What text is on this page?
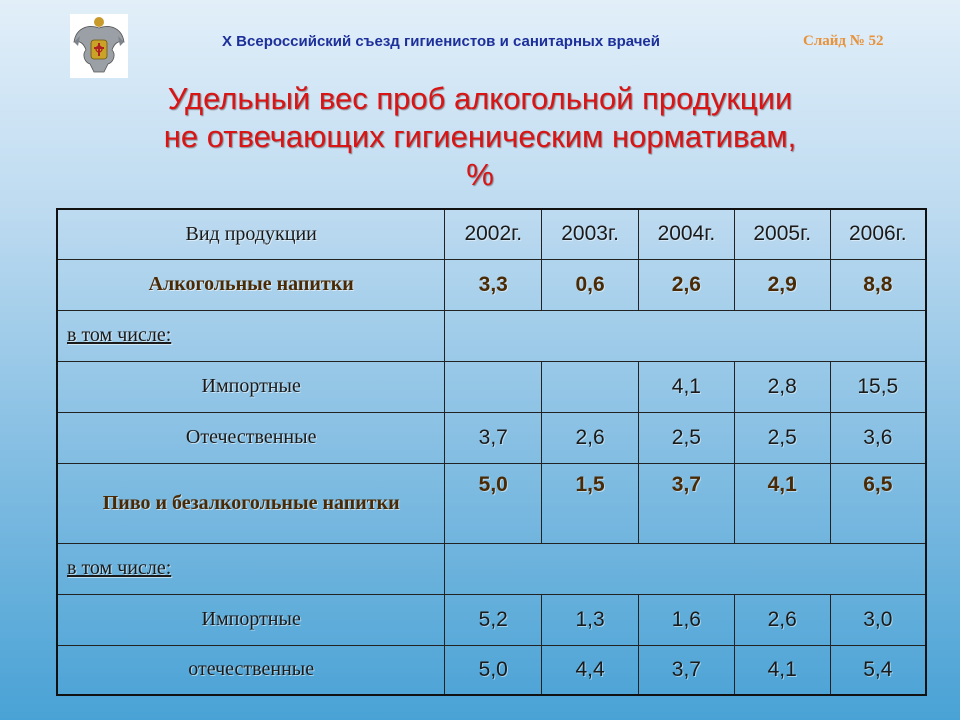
X Всероссийский съезд гигиенистов и санитарных врачей	Слайд № 52
Удельный вес проб алкогольной продукции
не отвечающих гигиеническим нормативам,
%
Вид продукции	2002г.	2003г.	2004г.	2005г.	2006г.
Алкогольные напитки	3,3	0,6	2,6	2,9	8,8
в том числе:					
Импортные			4,1	2,8	15,5
Отечественные	3,7	2,6	2,5	2,5	3,6
Пиво и безалкогольные напитки	5,0	1,5	3,7	4,1	6,5
в том числе:					
Импортные	5,2	1,3	1,6	2,6	3,0
отечественные	5,0	4,4	3,7	4,1	5,4
